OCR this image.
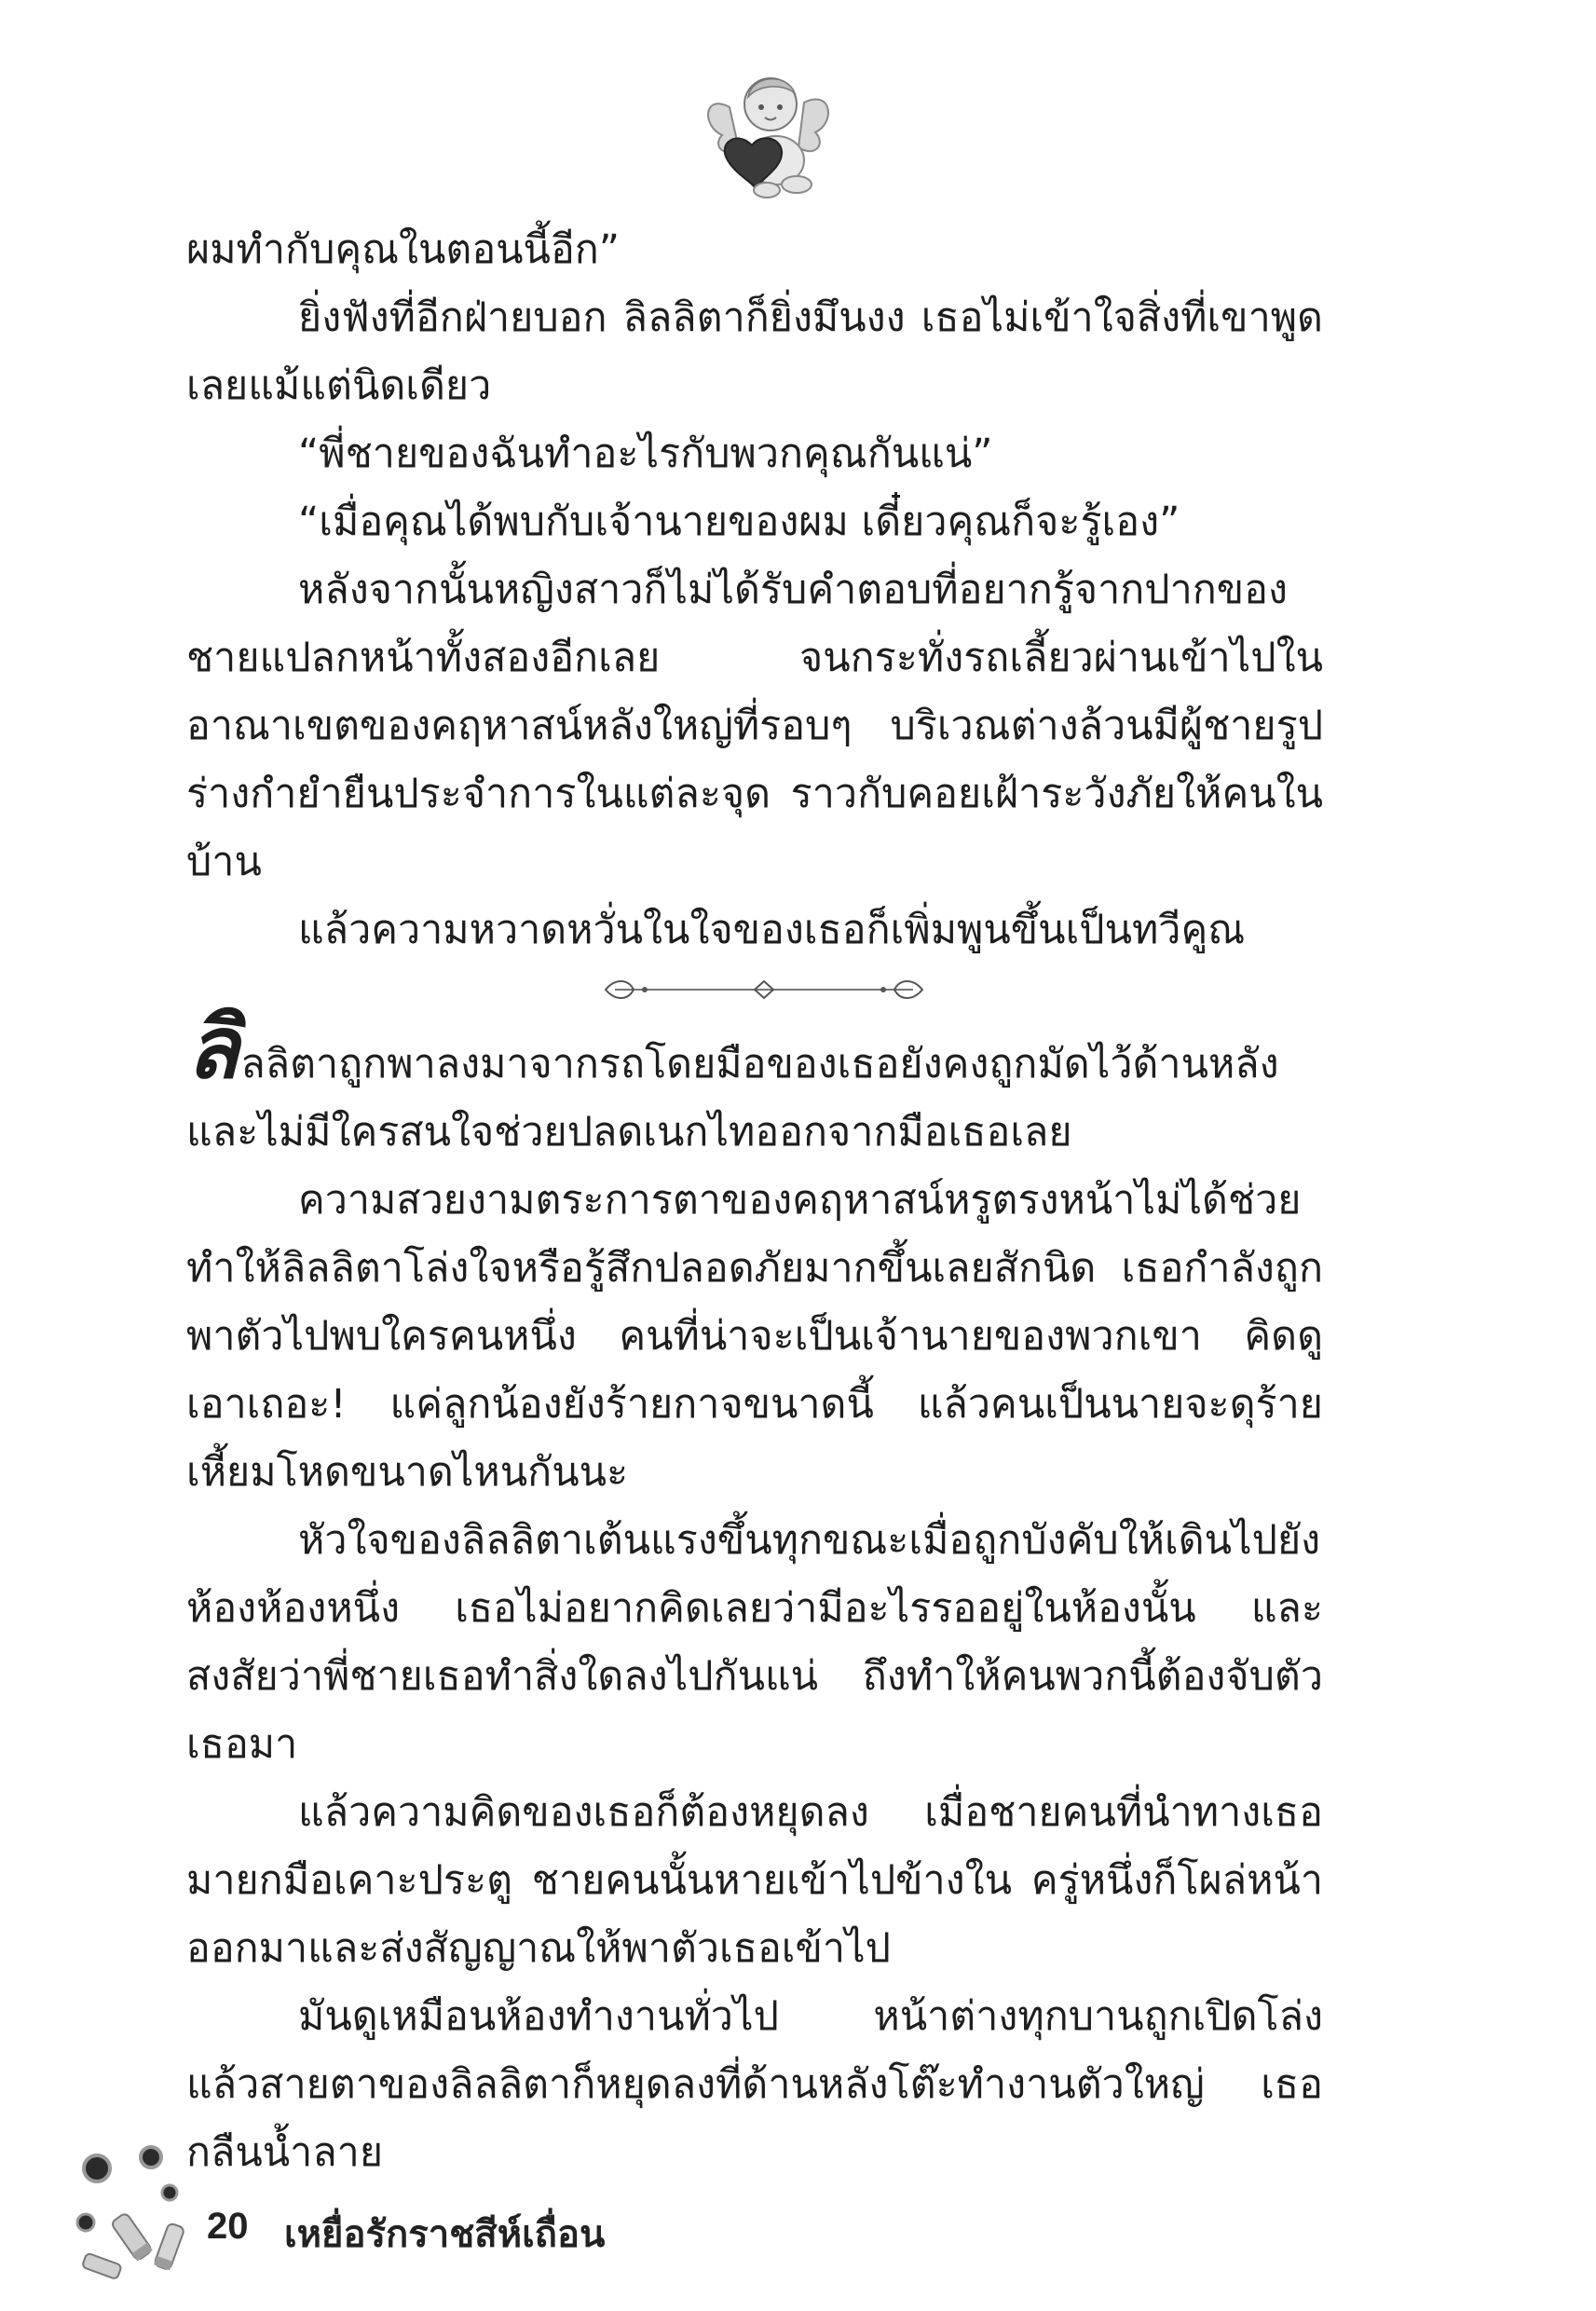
ผมทำกับคุณในตอนนี้อีก”

ยิ่งฟังที่อีกฝ่ายบอก ลิลลิตาก็ยิ่งมึนงง เธอไม่เข้าใจสิ่งที่เขาพูดเลยแม้แต่นิดเดียว

“พี่ชายของฉันทำอะไรกับพวกคุณกันแน่”

“เมื่อคุณได้พบกับเจ้านายของผม เดี๋ยวคุณก็จะรู้เอง”

หลังจากนั้นหญิงสาวก็ไม่ได้รับคำตอบที่อยากรู้จากปากของชายแปลกหน้าทั้งสองอีกเลย จนกระทั่งรถเลี้ยวผ่านเข้าไปในอาณาเขตของคฤหาสน์หลังใหญ่ที่รอบๆ บริเวณต่างล้วนมีผู้ชายรูปร่างกำยำยืนประจำการในแต่ละจุด ราวกับคอยเฝ้าระวังภัยให้คนในบ้าน

แล้วความหวาดหวั่นในใจของเธอก็เพิ่มพูนขึ้นเป็นทวีคูณ

ลิลลิตาถูกพาลงมาจากรถโดยมือของเธอยังคงถูกมัดไว้ด้านหลัง และไม่มีใครสนใจช่วยปลดเนกไทออกจากมือเธอเลย

ความสวยงามตระการตาของคฤหาสน์หรูตรงหน้าไม่ได้ช่วยทำให้ลิลลิตาโล่งใจหรือรู้สึกปลอดภัยมากขึ้นเลยสักนิด เธอกำลังถูกพาตัวไปพบใครคนหนึ่ง คนที่น่าจะเป็นเจ้านายของพวกเขา คิดดูเอาเถอะ! แค่ลูกน้องยังร้ายกาจขนาดนี้ แล้วคนเป็นนายจะดุร้ายเหี้ยมโหดขนาดไหนกันนะ

หัวใจของลิลลิตาเต้นแรงขึ้นทุกขณะเมื่อถูกบังคับให้เดินไปยังห้องห้องหนึ่ง เธอไม่อยากคิดเลยว่ามีอะไรรออยู่ในห้องนั้น และสงสัยว่าพี่ชายเธอทำสิ่งใดลงไปกันแน่ ถึงทำให้คนพวกนี้ต้องจับตัวเธอมา

แล้วความคิดของเธอก็ต้องหยุดลง เมื่อชายคนที่นำทางเธอมายกมือเคาะประตู ชายคนนั้นหายเข้าไปข้างใน ครู่หนึ่งก็โผล่หน้าออกมาและส่งสัญญาณให้พาตัวเธอเข้าไป

มันดูเหมือนห้องทำงานทั่วไป หน้าต่างทุกบานถูกเปิดโล่ง แล้วสายตาของลิลลิตาก็หยุดลงที่ด้านหลังโต๊ะทำงานตัวใหญ่ เธอกลืนน้ำลาย

20 เหยื่อรักราชสีห์เถื่อน
